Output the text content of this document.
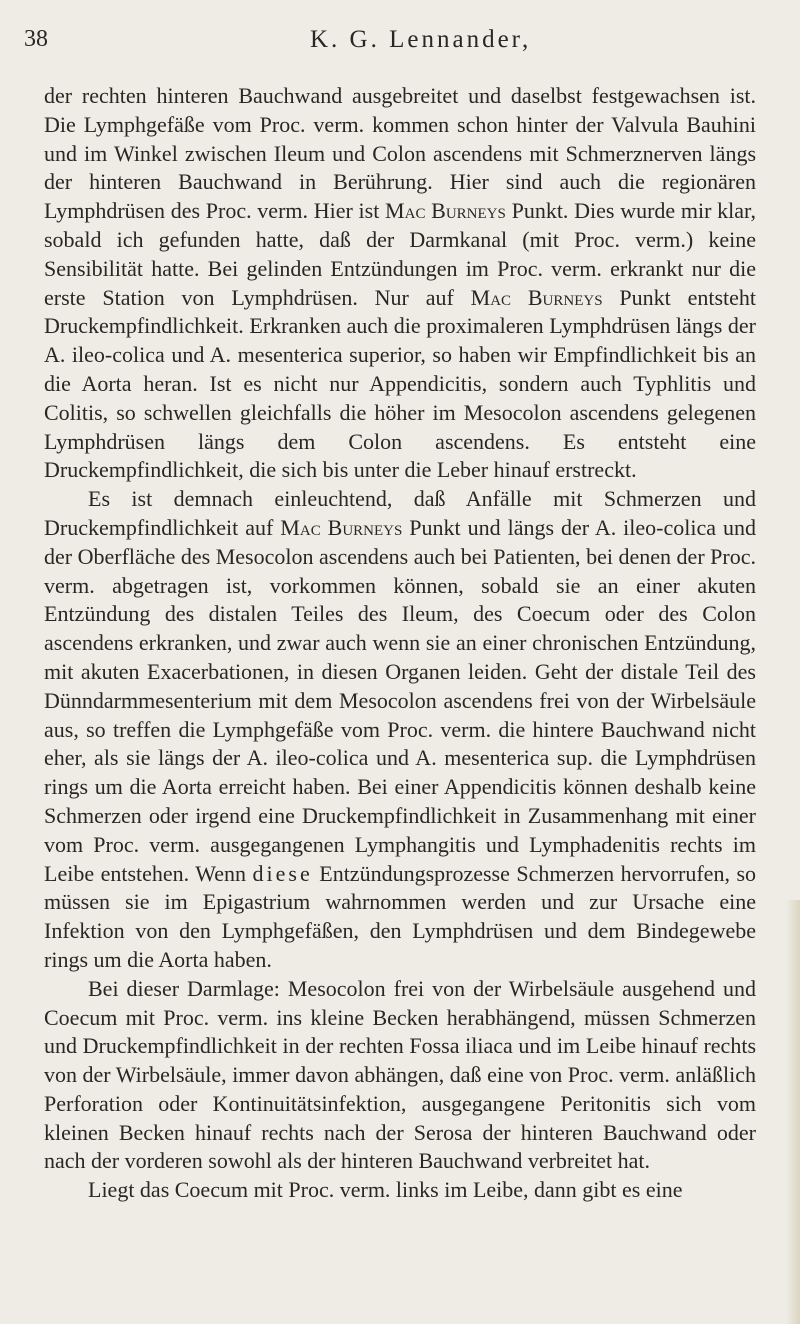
38	K. G. Lennander,

der rechten hinteren Bauchwand ausgebreitet und daselbst festgewachsen ist. Die Lymphgefäße vom Proc. verm. kommen schon hinter der Valvula Bauhini und im Winkel zwischen Ileum und Colon ascendens mit Schmerznerven längs der hinteren Bauchwand in Berührung. Hier sind auch die regionären Lymphdrüsen des Proc. verm. Hier ist Mac Burneys Punkt. Dies wurde mir klar, sobald ich gefunden hatte, daß der Darmkanal (mit Proc. verm.) keine Sensibilität hatte. Bei gelinden Entzündungen im Proc. verm. erkrankt nur die erste Station von Lymphdrüsen. Nur auf Mac Burneys Punkt entsteht Druckempfindlichkeit. Erkranken auch die proximaleren Lymphdrüsen längs der A. ileo-colica und A. mesenterica superior, so haben wir Empfindlichkeit bis an die Aorta heran. Ist es nicht nur Appendicitis, sondern auch Typhlitis und Colitis, so schwellen gleichfalls die höher im Mesocolon ascendens gelegenen Lymphdrüsen längs dem Colon ascendens. Es entsteht eine Druckempfindlichkeit, die sich bis unter die Leber hinauf erstreckt.

Es ist demnach einleuchtend, daß Anfälle mit Schmerzen und Druckempfindlichkeit auf Mac Burneys Punkt und längs der A. ileo-colica und der Oberfläche des Mesocolon ascendens auch bei Patienten, bei denen der Proc. verm. abgetragen ist, vorkommen können, sobald sie an einer akuten Entzündung des distalen Teiles des Ileum, des Coecum oder des Colon ascendens erkranken, und zwar auch wenn sie an einer chronischen Entzündung, mit akuten Exacerbationen, in diesen Organen leiden. Geht der distale Teil des Dünndarmmesenterium mit dem Mesocolon ascendens frei von der Wirbelsäule aus, so treffen die Lymphgefäße vom Proc. verm. die hintere Bauchwand nicht eher, als sie längs der A. ileo-colica und A. mesenterica sup. die Lymphdrüsen rings um die Aorta erreicht haben. Bei einer Appendicitis können deshalb keine Schmerzen oder irgend eine Druckempfindlichkeit in Zusammenhang mit einer vom Proc. verm. ausgegangenen Lymphangitis und Lymphadenitis rechts im Leibe entstehen. Wenn diese Entzündungsprozesse Schmerzen hervorrufen, so müssen sie im Epigastrium wahrnommen werden und zur Ursache eine Infektion von den Lymphgefäßen, den Lymphdrüsen und dem Bindegewebe rings um die Aorta haben.

Bei dieser Darmlage: Mesocolon frei von der Wirbelsäule ausgehend und Coecum mit Proc. verm. ins kleine Becken herabhängend, müssen Schmerzen und Druckempfindlichkeit in der rechten Fossa iliaca und im Leibe hinauf rechts von der Wirbelsäule, immer davon abhängen, daß eine von Proc. verm. anläßlich Perforation oder Kontinuitätsinfektion, ausgegangene Peritonitis sich vom kleinen Becken hinauf rechts nach der Serosa der hinteren Bauchwand oder nach der vorderen sowohl als der hinteren Bauchwand verbreitet hat.

Liegt das Coecum mit Proc. verm. links im Leibe, dann gibt es eine
